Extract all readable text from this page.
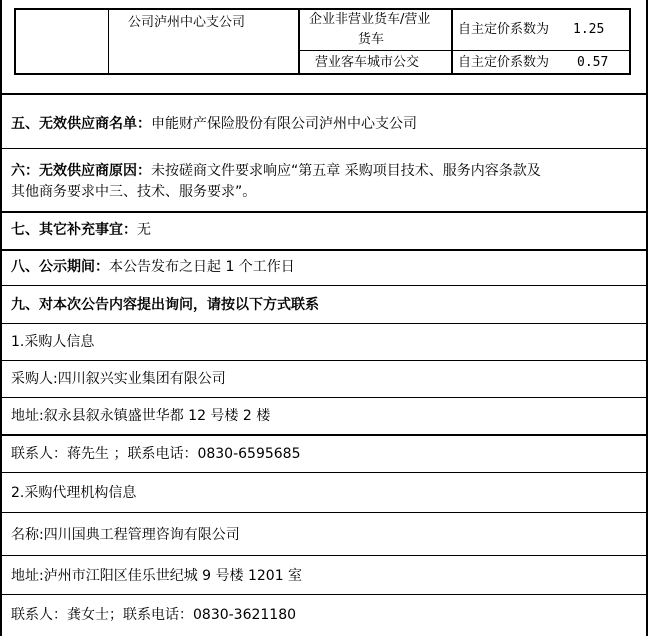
公司泸州中心支公司	企业非营业货车/营业
货车
自主定价系数为 1.25
营业客车城市公交	自主定价系数为 0.57
五、无效供应商名单：申能财产保险股份有限公司泸州中心支公司
六：无效供应商原因：未按磋商文件要求响应“第五章 采购项目技术、服务内容条款及
其他商务要求中三、技术、服务要求”。
七、其它补充事宜：无
八、公示期间：本公告发布之日起 1 个工作日
九、对本次公告内容提出询问，请按以下方式联系
1.采购人信息
采购人:四川叙兴实业集团有限公司
地址:叙永县叙永镇盛世华都 12 号楼 2 楼
联系人：蒋先生 ；联系电话：0830-6595685
2.采购代理机构信息
名称:四川国典工程管理咨询有限公司
地址:泸州市江阳区佳乐世纪城 9 号楼 1201 室
联系人：龚女士；联系电话：0830-3621180
